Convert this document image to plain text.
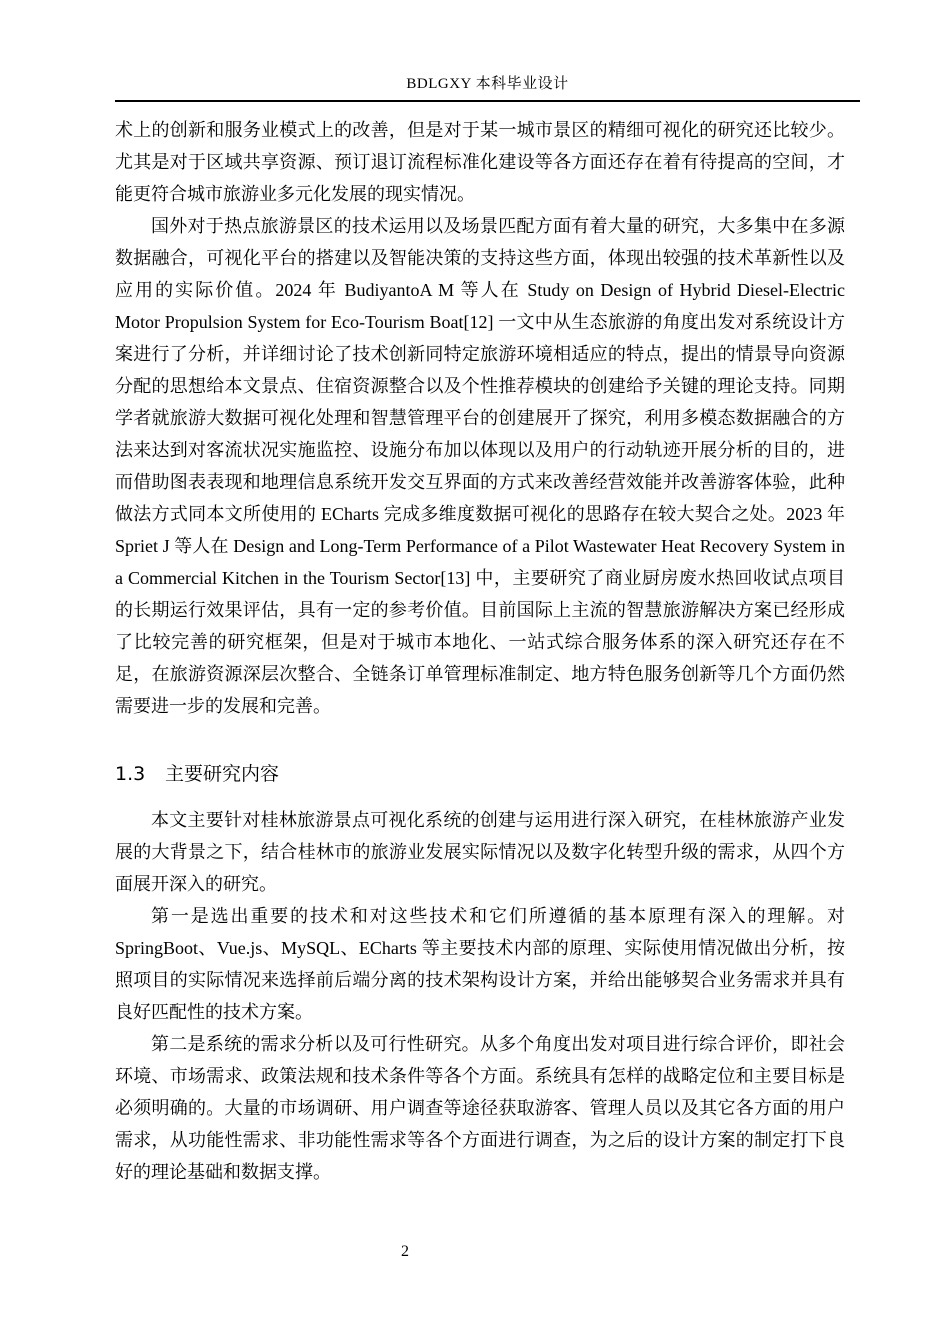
BDLGXY 本科毕业设计

术上的创新和服务业模式上的改善，但是对于某一城市景区的精细可视化的研究还比较少。尤其是对于区域共享资源、预订退订流程标准化建设等各方面还存在着有待提高的空间，才能更符合城市旅游业多元化发展的现实情况。

国外对于热点旅游景区的技术运用以及场景匹配方面有着大量的研究，大多集中在多源数据融合，可视化平台的搭建以及智能决策的支持这些方面，体现出较强的技术革新性以及应用的实际价值。2024 年 BudiyantoA M 等人在 Study on Design of Hybrid Diesel-Electric Motor Propulsion System for Eco-Tourism Boat[12] 一文中从生态旅游的角度出发对系统设计方案进行了分析，并详细讨论了技术创新同特定旅游环境相适应的特点，提出的情景导向资源分配的思想给本文景点、住宿资源整合以及个性推荐模块的创建给予关键的理论支持。同期学者就旅游大数据可视化处理和智慧管理平台的创建展开了探究，利用多模态数据融合的方法来达到对客流状况实施监控、设施分布加以体现以及用户的行动轨迹开展分析的目的，进而借助图表表现和地理信息系统开发交互界面的方式来改善经营效能并改善游客体验，此种做法方式同本文所使用的 ECharts 完成多维度数据可视化的思路存在较大契合之处。2023 年 Spriet J 等人在 Design and Long-Term Performance of a Pilot Wastewater Heat Recovery System in a Commercial Kitchen in the Tourism Sector[13] 中，主要研究了商业厨房废水热回收试点项目的长期运行效果评估，具有一定的参考价值。目前国际上主流的智慧旅游解决方案已经形成了比较完善的研究框架，但是对于城市本地化、一站式综合服务体系的深入研究还存在不足，在旅游资源深层次整合、全链条订单管理标准制定、地方特色服务创新等几个方面仍然需要进一步的发展和完善。

1.3 主要研究内容

本文主要针对桂林旅游景点可视化系统的创建与运用进行深入研究，在桂林旅游产业发展的大背景之下，结合桂林市的旅游业发展实际情况以及数字化转型升级的需求，从四个方面展开深入的研究。

第一是选出重要的技术和对这些技术和它们所遵循的基本原理有深入的理解。对 SpringBoot、Vue.js、MySQL、ECharts 等主要技术内部的原理、实际使用情况做出分析，按照项目的实际情况来选择前后端分离的技术架构设计方案，并给出能够契合业务需求并具有良好匹配性的技术方案。

第二是系统的需求分析以及可行性研究。从多个角度出发对项目进行综合评价，即社会环境、市场需求、政策法规和技术条件等各个方面。系统具有怎样的战略定位和主要目标是必须明确的。大量的市场调研、用户调查等途径获取游客、管理人员以及其它各方面的用户需求，从功能性需求、非功能性需求等各个方面进行调查，为之后的设计方案的制定打下良好的理论基础和数据支撑。

2
